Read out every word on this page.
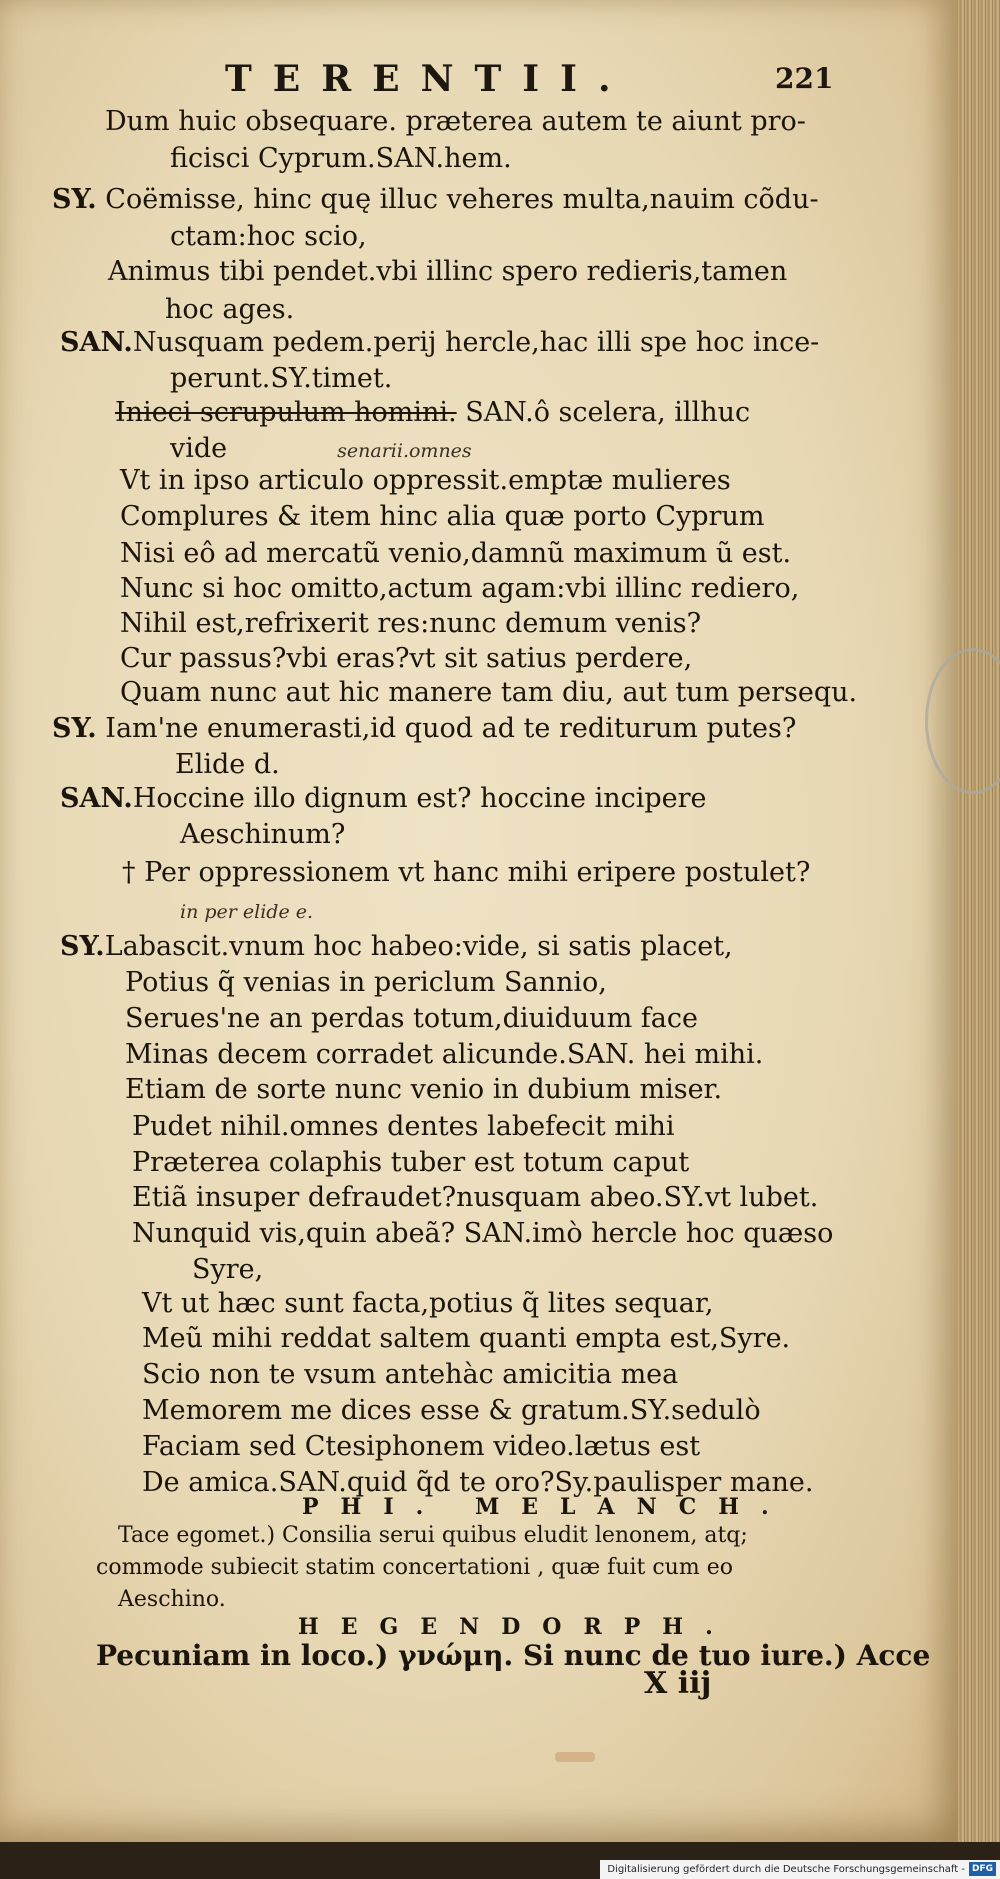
TERENTII.	221
Dum huic obsequare. præterea autem te aiunt pro-
ficisci Cyprum.SAN.hem.
SY. Coëmisse, hinc quę illuc veheres multa,nauim cõdu-
ctam:hoc scio,
Animus tibi pendet.vbi illinc spero redieris,tamen
hoc ages.
SAN.Nusquam pedem.perij hercle,hac illi spe hoc ince-
perunt.SY.timet.
Inieci scrupulum homini. SAN.ô scelera, illhuc
vide	senarii.omnes
Vt in ipso articulo oppressit.emptæ mulieres
Complures & item hinc alia quæ porto Cyprum
Nisi eô ad mercatũ venio,damnũ maximum ũ est.
Nunc si hoc omitto,actum agam:vbi illinc rediero,
Nihil est,refrixerit res:nunc demum venis?
Cur passus?vbi eras?vt sit satius perdere,
Quam nunc aut hic manere tam diu, aut tum persequ.
SY. Iam'ne enumerasti,id quod ad te rediturum putes?
Elide d.
SAN.Hoccine illo dignum est? hoccine incipere
Aeschinum?
† Per oppressionem vt hanc mihi eripere postulet?
in per elide e.
SY.Labascit.vnum hoc habeo:vide, si satis placet,
Potius q̃ venias in periclum Sannio,
Serues'ne an perdas totum,diuiduum face
Minas decem corradet alicunde.SAN. hei mihi.
Etiam de sorte nunc venio in dubium miser.
Pudet nihil.omnes dentes labefecit mihi
Præterea colaphis tuber est totum caput
Etiã insuper defraudet?nusquam abeo.SY.vt lubet.
Nunquid vis,quin abeã? SAN.imò hercle hoc quæso
Syre,
Vt ut hæc sunt facta,potius q̃ lites sequar,
Meũ mihi reddat saltem quanti empta est,Syre.
Scio non te vsum antehàc amicitia mea
Memorem me dices esse & gratum.SY.sedulò
Faciam sed Ctesiphonem video.lætus est
De amica.SAN.quid q̃d te oro?Sy.paulisper mane.
PHI. MELANCH.
Tace egomet.) Consilia serui quibus eludit lenonem, atq;
commode subiecit statim concertationi , quæ fuit cum eo
Aeschino.
HEGENDORPH.
Pecuniam in loco.) γνώμη. Si nunc de tuo iure.) Acce
X iij
Digitalisierung gefördert durch die Deutsche Forschungsgemeinschaft - DFG
